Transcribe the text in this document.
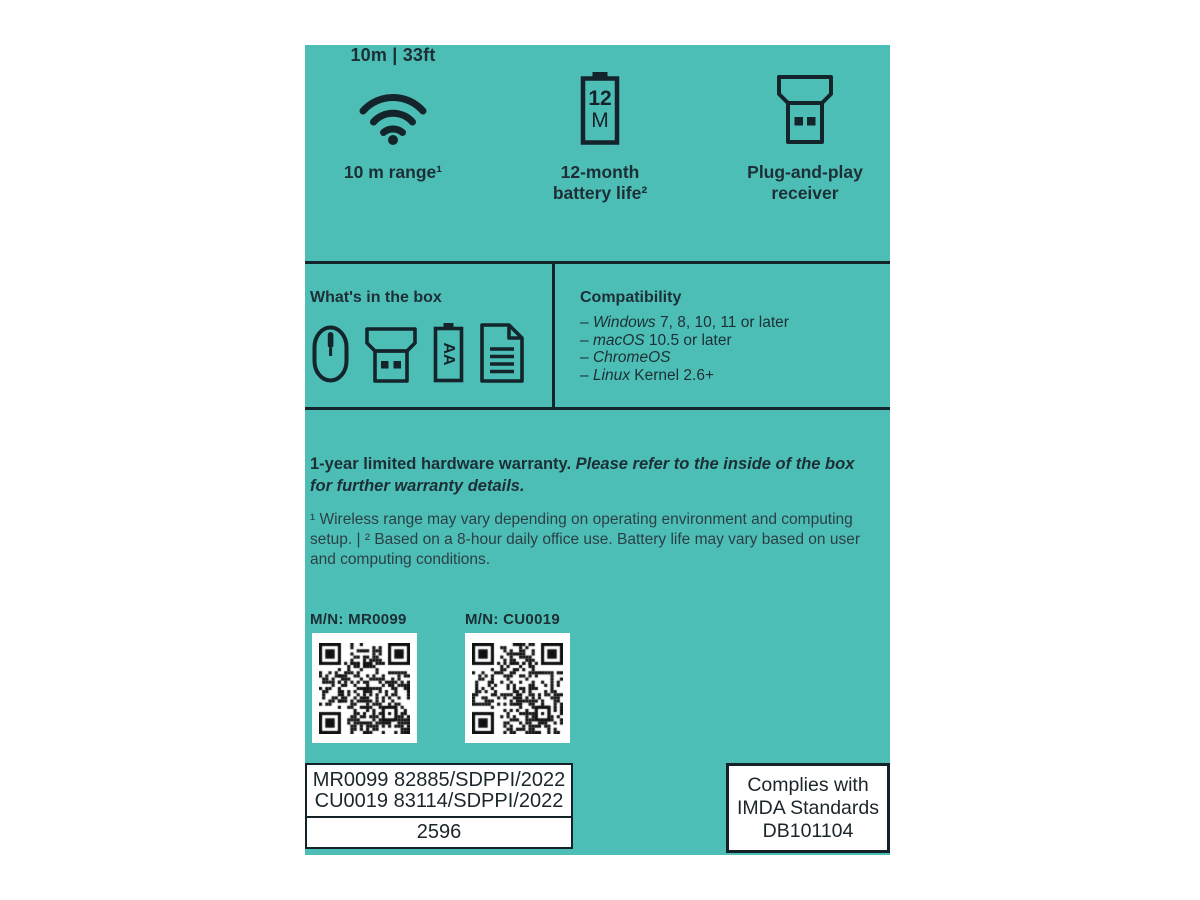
10m | 33ft
10 m range¹
12
M
12-month
battery life²
Plug-and-play
receiver
What's in the box
AA
Compatibility
– Windows 7, 8, 10, 11 or later
– macOS 10.5 or later
– ChromeOS
– Linux Kernel 2.6+
1-year limited hardware warranty. Please refer to the inside of the box for further warranty details.
¹ Wireless range may vary depending on operating environment and computing setup. | ² Based on a 8-hour daily office use. Battery life may vary based on user and computing conditions.
M/N: MR0099	M/N: CU0019
MR0099 82885/SDPPI/2022
CU0019 83114/SDPPI/2022
2596
Complies with
IMDA Standards
DB101104
